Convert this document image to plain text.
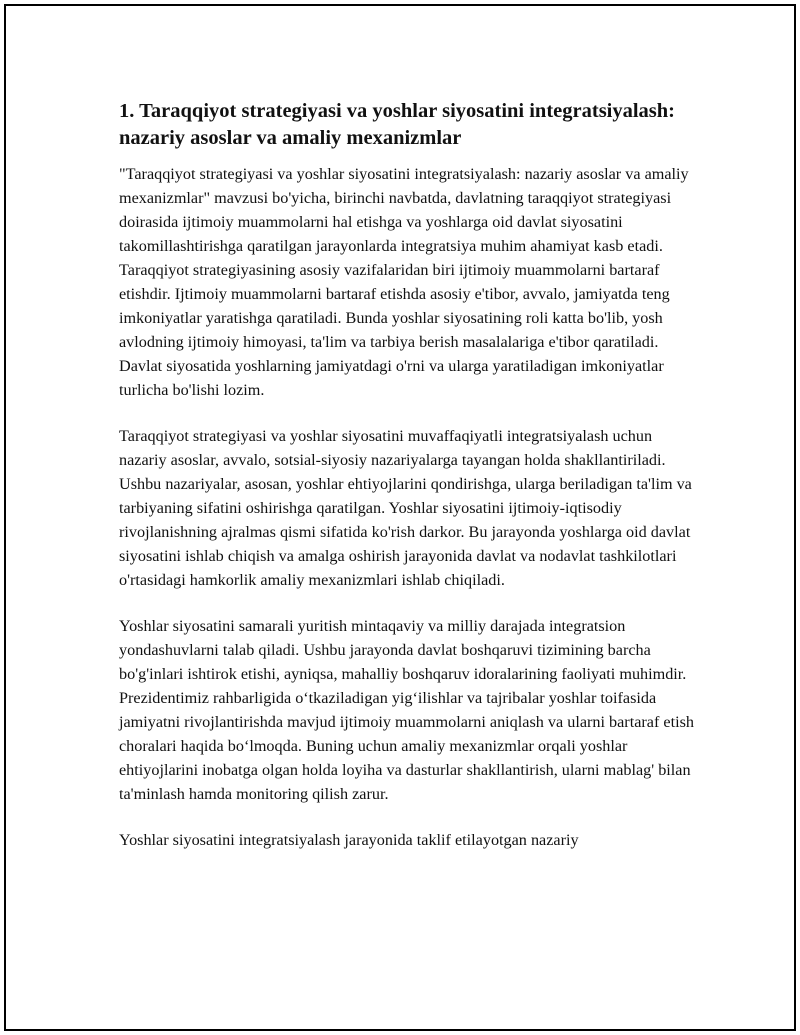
1. Taraqqiyot strategiyasi va yoshlar siyosatini integratsiyalash: nazariy asoslar va amaliy mexanizmlar

"Taraqqiyot strategiyasi va yoshlar siyosatini integratsiyalash: nazariy asoslar va amaliy mexanizmlar" mavzusi bo'yicha, birinchi navbatda, davlatning taraqqiyot strategiyasi doirasida ijtimoiy muammolarni hal etishga va yoshlarga oid davlat siyosatini takomillashtirishga qaratilgan jarayonlarda integratsiya muhim ahamiyat kasb etadi. Taraqqiyot strategiyasining asosiy vazifalaridan biri ijtimoiy muammolarni bartaraf etishdir. Ijtimoiy muammolarni bartaraf etishda asosiy e'tibor, avvalo, jamiyatda teng imkoniyatlar yaratishga qaratiladi. Bunda yoshlar siyosatining roli katta bo'lib, yosh avlodning ijtimoiy himoyasi, ta'lim va tarbiya berish masalalariga e'tibor qaratiladi. Davlat siyosatida yoshlarning jamiyatdagi o'rni va ularga yaratiladigan imkoniyatlar turlicha bo'lishi lozim.

Taraqqiyot strategiyasi va yoshlar siyosatini muvaffaqiyatli integratsiyalash uchun nazariy asoslar, avvalo, sotsial-siyosiy nazariyalarga tayangan holda shakllantiriladi. Ushbu nazariyalar, asosan, yoshlar ehtiyojlarini qondirishga, ularga beriladigan ta'lim va tarbiyaning sifatini oshirishga qaratilgan. Yoshlar siyosatini ijtimoiy-iqtisodiy rivojlanishning ajralmas qismi sifatida ko'rish darkor. Bu jarayonda yoshlarga oid davlat siyosatini ishlab chiqish va amalga oshirish jarayonida davlat va nodavlat tashkilotlari o'rtasidagi hamkorlik amaliy mexanizmlari ishlab chiqiladi.

Yoshlar siyosatini samarali yuritish mintaqaviy va milliy darajada integratsion yondashuvlarni talab qiladi. Ushbu jarayonda davlat boshqaruvi tizimining barcha bo'g'inlari ishtirok etishi, ayniqsa, mahalliy boshqaruv idoralarining faoliyati muhimdir. Prezidentimiz rahbarligida o‘tkaziladigan yig‘ilishlar va tajribalar yoshlar toifasida jamiyatni rivojlantirishda mavjud ijtimoiy muammolarni aniqlash va ularni bartaraf etish choralari haqida bo‘lmoqda. Buning uchun amaliy mexanizmlar orqali yoshlar ehtiyojlarini inobatga olgan holda loyiha va dasturlar shakllantirish, ularni mablag' bilan ta'minlash hamda monitoring qilish zarur.

Yoshlar siyosatini integratsiyalash jarayonida taklif etilayotgan nazariy
